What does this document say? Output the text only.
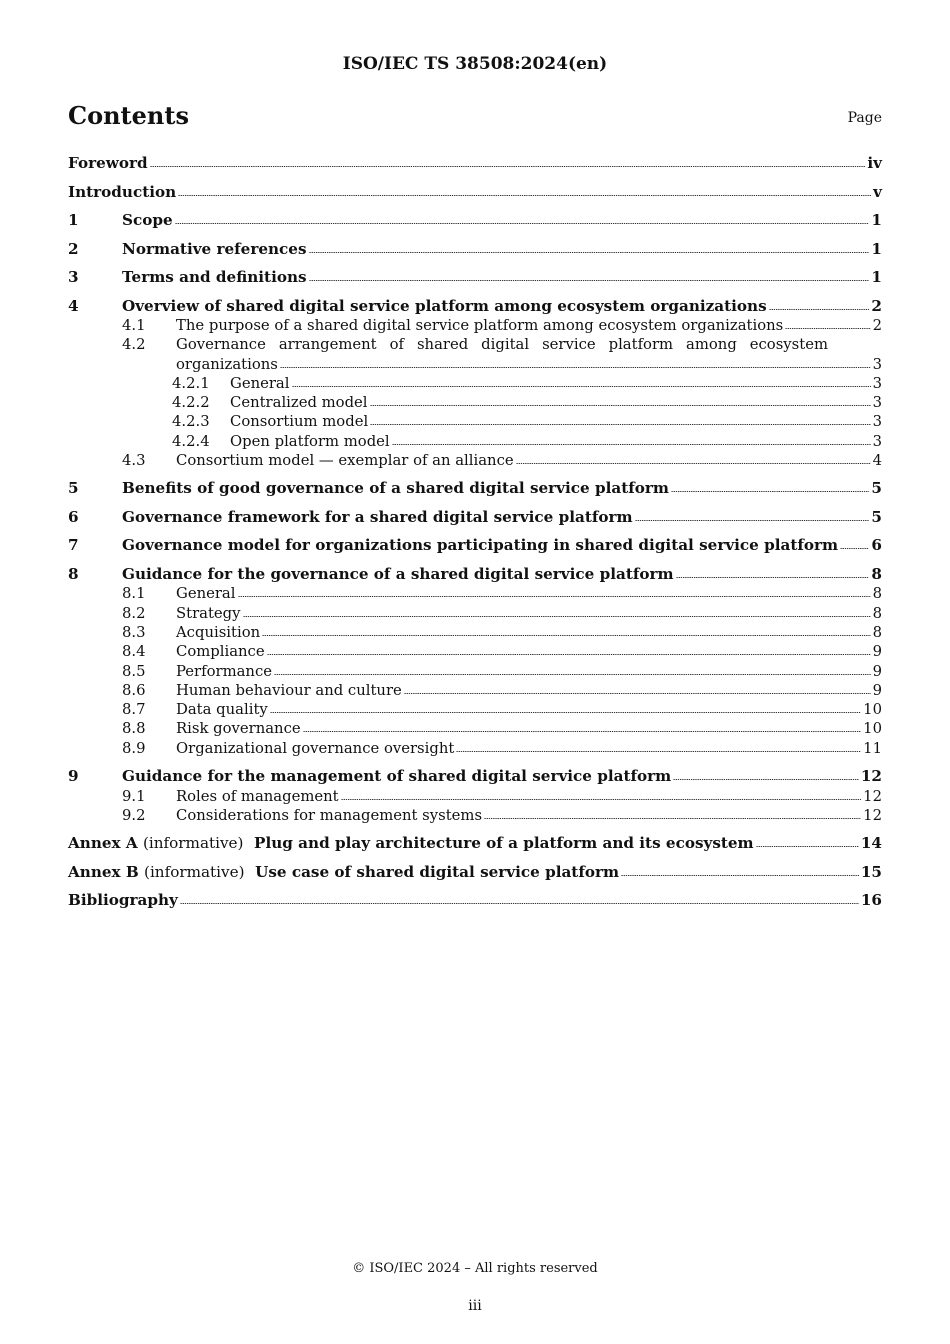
ISO/IEC TS 38508:2024(en)
Contents	Page
Foreword	iv
Introduction	v
1	Scope	1
2	Normative references	1
3	Terms and definitions	1
4	Overview of shared digital service platform among ecosystem organizations	2
4.1	The purpose of a shared digital service platform among ecosystem organizations	2
4.2	Governance arrangement of shared digital service platform among ecosystem
organizations	3
4.2.1	General	3
4.2.2	Centralized model	3
4.2.3	Consortium model	3
4.2.4	Open platform model	3
4.3	Consortium model — exemplar of an alliance	4
5	Benefits of good governance of a shared digital service platform	5
6	Governance framework for a shared digital service platform	5
7	Governance model for organizations participating in shared digital service platform 6
8	Guidance for the governance of a shared digital service platform	8
8.1	General	8
8.2	Strategy	8
8.3	Acquisition	8
8.4	Compliance	9
8.5	Performance	9
8.6	Human behaviour and culture	9
8.7	Data quality	10
8.8	Risk governance	10
8.9	Organizational governance oversight	11
9	Guidance for the management of shared digital service platform	12
9.1	Roles of management	12
9.2	Considerations for management systems	12
Annex A (informative) Plug and play architecture of a platform and its ecosystem	14
Annex B (informative) Use case of shared digital service platform	15
Bibliography	16
© ISO/IEC 2024 – All rights reserved
iii
